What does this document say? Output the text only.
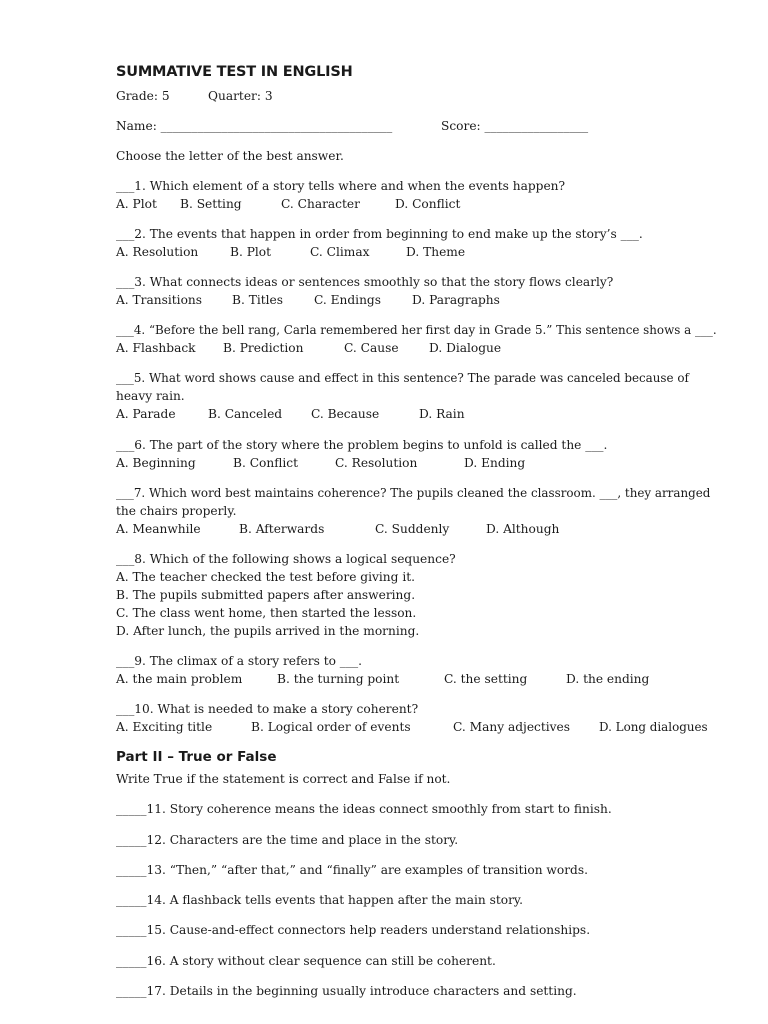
SUMMATIVE TEST IN ENGLISH
Grade: 5	Quarter: 3
Name: ______________________________________	Score: _________________
Choose the letter of the best answer.
___1. Which element of a story tells where and when the events happen?
A. Plot B. Setting	C. Character	D. Conflict
___2. The events that happen in order from beginning to end make up the story’s ___.
A. Resolution	B. Plot	C. Climax	D. Theme
___3. What connects ideas or sentences smoothly so that the story flows clearly?
A. Transitions B. Titles	C. Endings	D. Paragraphs
___4. “Before the bell rang, Carla remembered her first day in Grade 5.” This sentence shows a ___.
A. Flashback B. Prediction	C. Cause D. Dialogue
___5. What word shows cause and effect in this sentence? The parade was canceled because of
heavy rain.
A. Parade	B. Canceled C. Because	D. Rain
___6. The part of the story where the problem begins to unfold is called the ___.
A. Beginning	B. Conflict	C. Resolution	D. Ending
___7. Which word best maintains coherence? The pupils cleaned the classroom. ___, they arranged
the chairs properly.
A. Meanwhile	B. Afterwards	C. Suddenly	D. Although
___8. Which of the following shows a logical sequence?
A. The teacher checked the test before giving it.
B. The pupils submitted papers after answering.
C. The class went home, then started the lesson.
D. After lunch, the pupils arrived in the morning.
___9. The climax of a story refers to ___.
A. the main problem	B. the turning point	C. the setting	D. the ending
___10. What is needed to make a story coherent?
A. Exciting title	B. Logical order of events	C. Many adjectives D. Long dialogues
Part II – True or False
Write True if the statement is correct and False if not.
_____11. Story coherence means the ideas connect smoothly from start to finish.
_____12. Characters are the time and place in the story.
_____13. “Then,” “after that,” and “finally” are examples of transition words.
_____14. A flashback tells events that happen after the main story.
_____15. Cause-and-effect connectors help readers understand relationships.
_____16. A story without clear sequence can still be coherent.
_____17. Details in the beginning usually introduce characters and setting.
